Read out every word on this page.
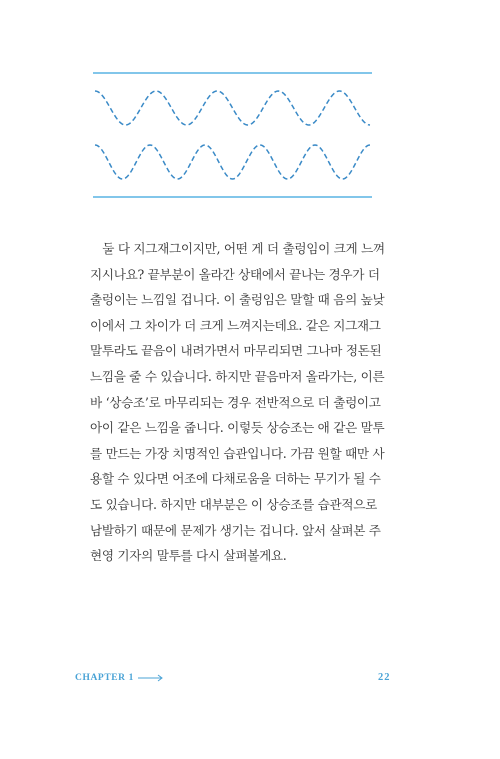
　둘 다 지그재그이지만, 어떤 게 더 출렁임이 크게 느껴
지시나요? 끝부분이 올라간 상태에서 끝나는 경우가 더
출렁이는 느낌일 겁니다. 이 출렁임은 말할 때 음의 높낮
이에서 그 차이가 더 크게 느껴지는데요. 같은 지그재그
말투라도 끝음이 내려가면서 마무리되면 그나마 정돈된
느낌을 줄 수 있습니다. 하지만 끝음마저 올라가는, 이른
바 ‘상승조’로 마무리되는 경우 전반적으로 더 출렁이고
아이 같은 느낌을 줍니다. 이렇듯 상승조는 애 같은 말투
를 만드는 가장 치명적인 습관입니다. 가끔 원할 때만 사
용할 수 있다면 어조에 다채로움을 더하는 무기가 될 수
도 있습니다. 하지만 대부분은 이 상승조를 습관적으로
남발하기 때문에 문제가 생기는 겁니다. 앞서 살펴본 주
현영 기자의 말투를 다시 살펴볼게요.
CHAPTER 1	22
